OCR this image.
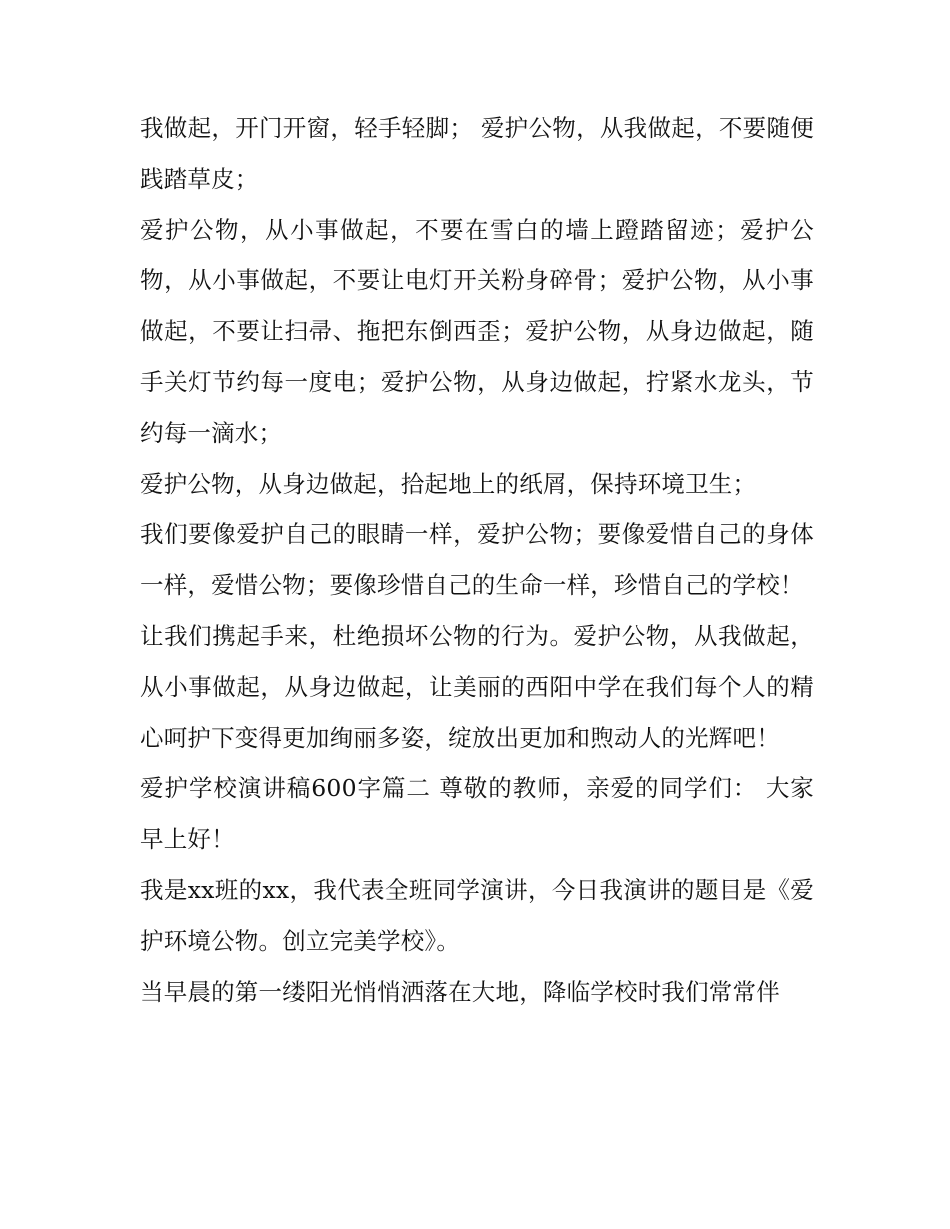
我做起，开门开窗，轻手轻脚； 爱护公物，从我做起，不要随便践踏草皮；

爱护公物，从小事做起，不要在雪白的墙上蹬踏留迹；爱护公物，从小事做起，不要让电灯开关粉身碎骨；爱护公物，从小事做起，不要让扫帚、拖把东倒西歪；爱护公物，从身边做起，随手关灯节约每一度电；爱护公物，从身边做起，拧紧水龙头，节约每一滴水；

爱护公物，从身边做起，拾起地上的纸屑，保持环境卫生；

我们要像爱护自己的眼睛一样，爱护公物；要像爱惜自己的身体一样，爱惜公物；要像珍惜自己的生命一样，珍惜自己的学校！

让我们携起手来，杜绝损坏公物的行为。爱护公物，从我做起，从小事做起，从身边做起，让美丽的西阳中学在我们每个人的精心呵护下变得更加绚丽多姿，绽放出更加和煦动人的光辉吧！

爱护学校演讲稿600字篇二 尊敬的教师，亲爱的同学们： 大家早上好！

我是xx班的xx，我代表全班同学演讲，今日我演讲的题目是《爱护环境公物。创立完美学校》。

当早晨的第一缕阳光悄悄洒落在大地，降临学校时我们常常伴
